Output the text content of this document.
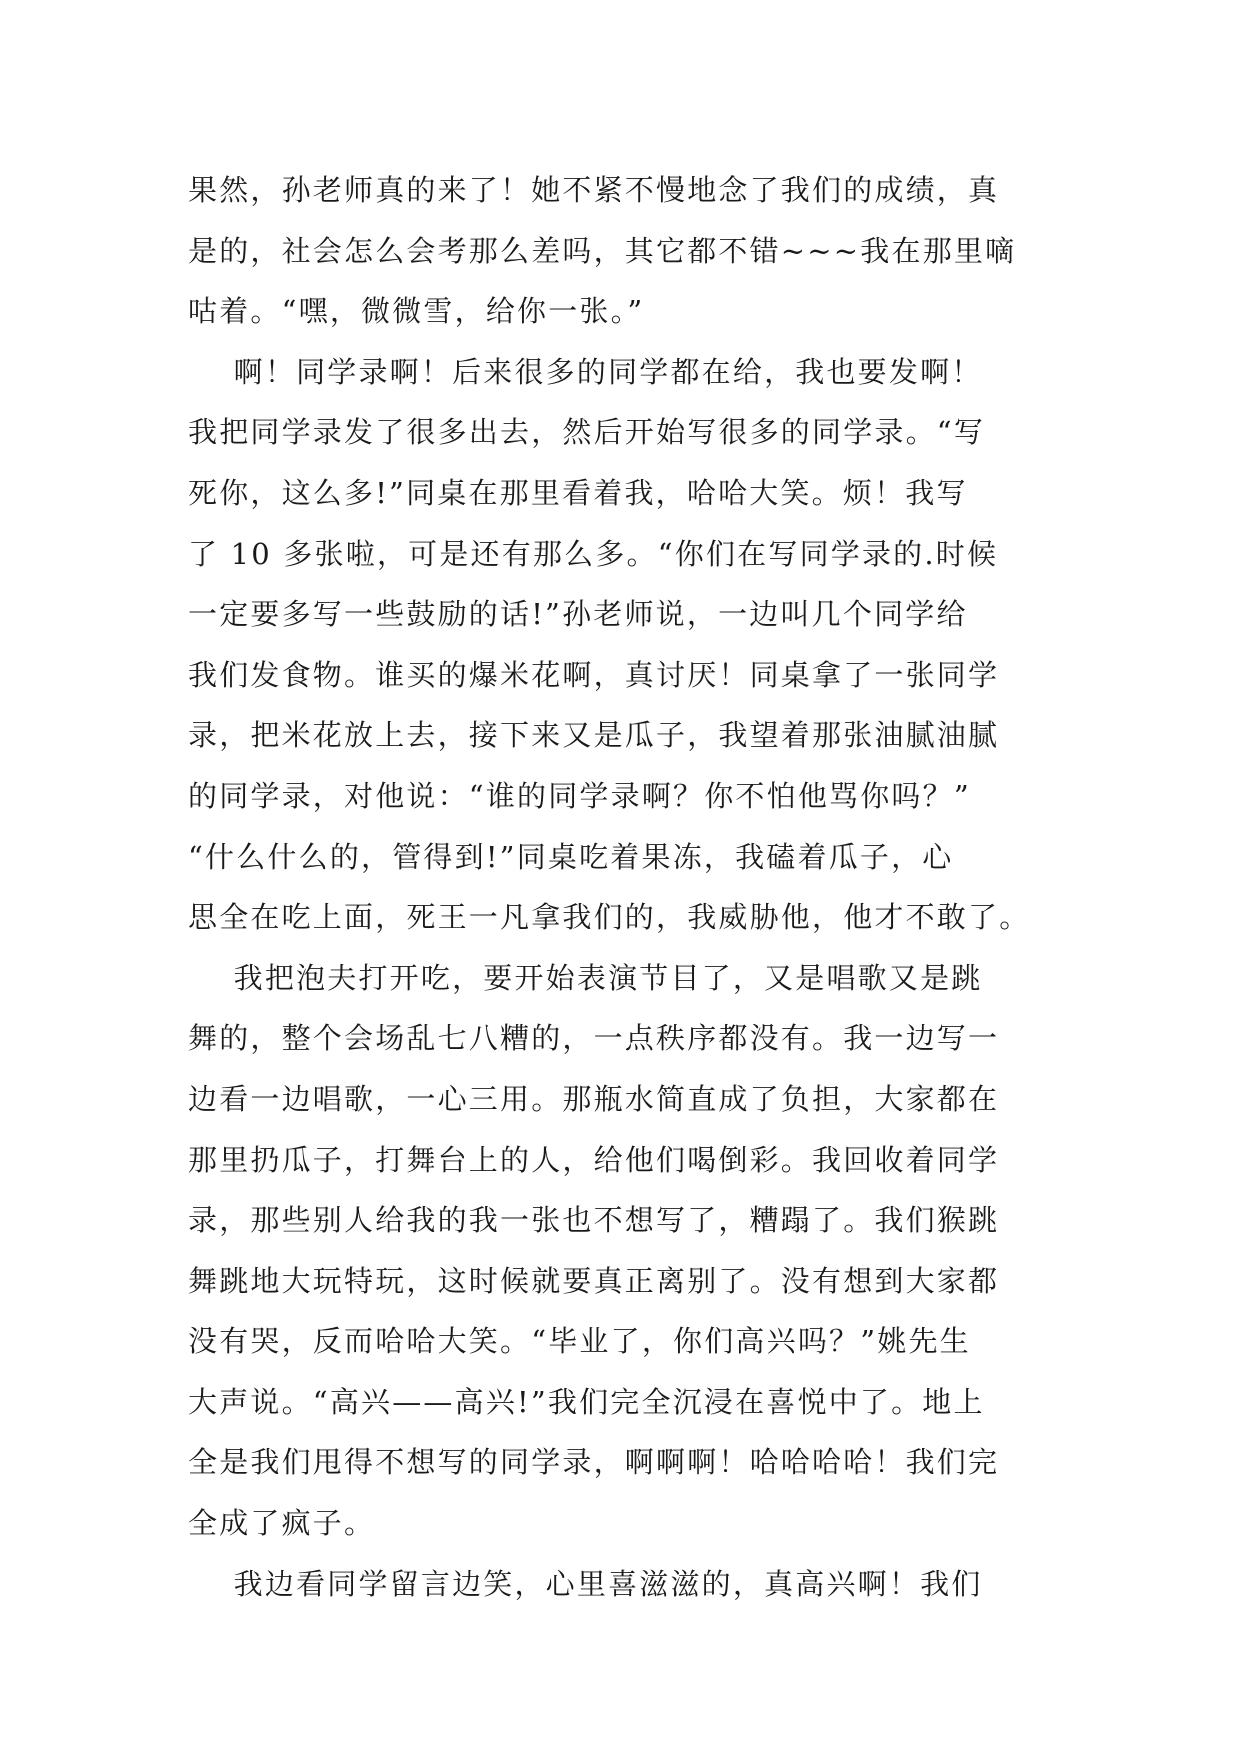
果然，孙老师真的来了！她不紧不慢地念了我们的成绩，真
是的，社会怎么会考那么差吗，其它都不错~~~我在那里嘀
咕着。“嘿，微微雪，给你一张。”
啊！同学录啊！后来很多的同学都在给，我也要发啊！
我把同学录发了很多出去，然后开始写很多的同学录。“写
死你，这么多!”同桌在那里看着我，哈哈大笑。烦！我写
了 10 多张啦，可是还有那么多。“你们在写同学录的.时候
一定要多写一些鼓励的话!”孙老师说，一边叫几个同学给
我们发食物。谁买的爆米花啊，真讨厌！同桌拿了一张同学
录，把米花放上去，接下来又是瓜子，我望着那张油腻油腻
的同学录，对他说：“谁的同学录啊？你不怕他骂你吗？”
“什么什么的，管得到!”同桌吃着果冻，我磕着瓜子，心
思全在吃上面，死王一凡拿我们的，我威胁他，他才不敢了。
我把泡夫打开吃，要开始表演节目了，又是唱歌又是跳
舞的，整个会场乱七八糟的，一点秩序都没有。我一边写一
边看一边唱歌，一心三用。那瓶水简直成了负担，大家都在
那里扔瓜子，打舞台上的人，给他们喝倒彩。我回收着同学
录，那些别人给我的我一张也不想写了，糟蹋了。我们猴跳
舞跳地大玩特玩，这时候就要真正离别了。没有想到大家都
没有哭，反而哈哈大笑。“毕业了，你们高兴吗？”姚先生
大声说。“高兴——高兴!”我们完全沉浸在喜悦中了。地上
全是我们甩得不想写的同学录，啊啊啊！哈哈哈哈！我们完
全成了疯子。
我边看同学留言边笑，心里喜滋滋的，真高兴啊！我们
